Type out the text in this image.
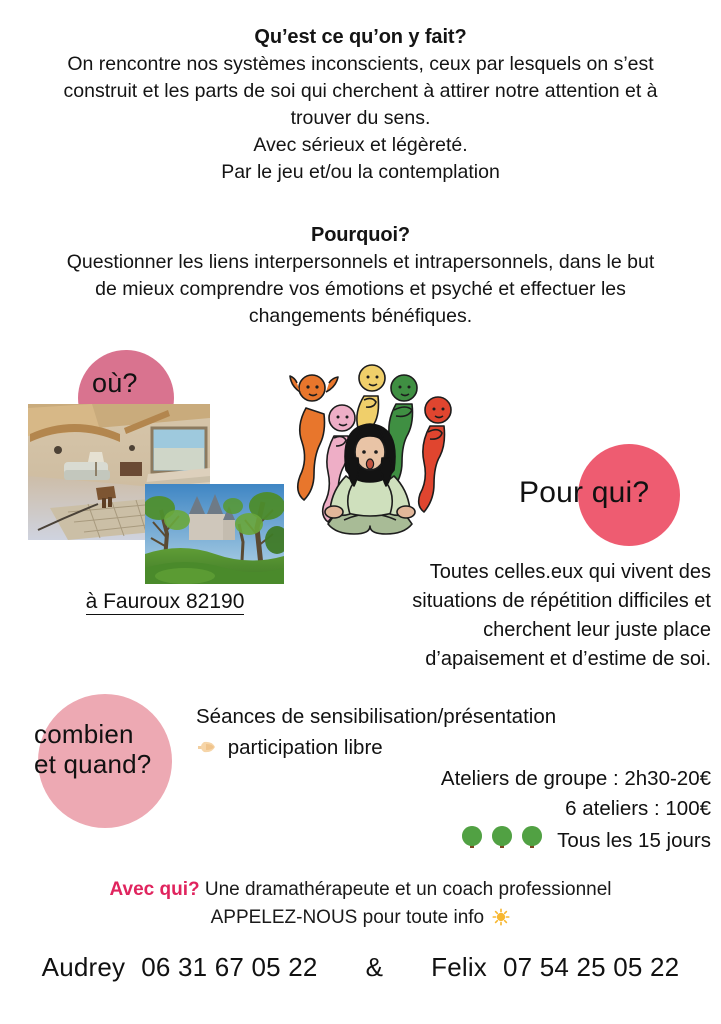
Qu’est ce qu’on y fait?
On rencontre nos systèmes inconscients, ceux par lesquels on s’est
construit et les parts de soi qui cherchent à attirer notre attention et à
trouver du sens.
Avec sérieux et légèreté.
Par le jeu et/ou la contemplation
Pourquoi?
Questionner les liens interpersonnels et intrapersonnels, dans le but
de mieux comprendre vos émotions et psyché et effectuer les
changements bénéfiques.
où?
à Fauroux 82190
Pour qui?
Toutes celles.eux qui vivent des
situations de répétition difficiles et
cherchent leur juste place
d’apaisement et d’estime de soi.
combien
et quand?
Séances de sensibilisation/présentation
participation libre
Ateliers de groupe : 2h30-20€
6 ateliers : 100€
Tous les 15 jours
Avec qui? Une dramathérapeute et un coach professionnel
APPELEZ-NOUS pour toute info
Audrey 06 31 67 05 22 & Felix 07 54 25 05 22
